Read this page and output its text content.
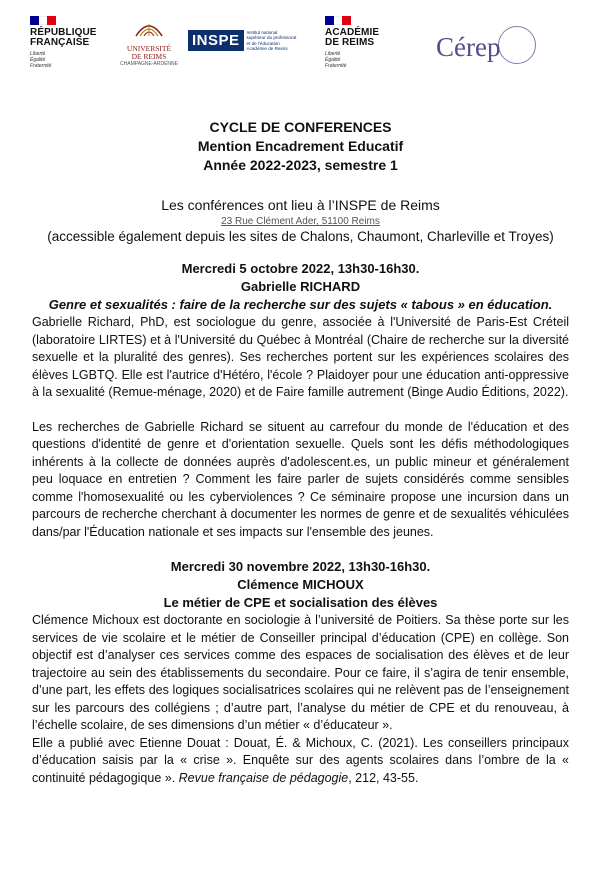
RÉPUBLIQUE
FRANÇAISE
Liberté
Égalité
Fraternité
UNIVERSITÉ
DE REIMS
CHAMPAGNE-ARDENNE
INSPE	Institut national
supérieur du professorat
et de l'éducation
Académie de Reims
ACADÉMIE
DE REIMS
Liberté
Égalité
Fraternité
Cérep
CYCLE DE CONFERENCES
Mention Encadrement Educatif
Année 2022-2023, semestre 1
Les conférences ont lieu à l’INSPE de Reims
23 Rue Clément Ader, 51100 Reims
(accessible également depuis les sites de Chalons, Chaumont, Charleville et Troyes)
Mercredi 5 octobre 2022, 13h30-16h30.
Gabrielle RICHARD
Genre et sexualités : faire de la recherche sur des sujets « tabous » en éducation.

Gabrielle Richard, PhD, est sociologue du genre, associée à l'Université de Paris-Est Créteil (laboratoire LIRTES) et à l'Université du Québec à Montréal (Chaire de recherche sur la diversité sexuelle et la pluralité des genres). Ses recherches portent sur les expériences scolaires des élèves LGBTQ. Elle est l'autrice d'Hétéro, l'école ? Plaidoyer pour une éducation anti-oppressive à la sexualité (Remue-ménage, 2020) et de Faire famille autrement (Binge Audio Éditions, 2022).

Les recherches de Gabrielle Richard se situent au carrefour du monde de l'éducation et des questions d'identité de genre et d'orientation sexuelle. Quels sont les défis méthodologiques inhérents à la collecte de données auprès d'adolescent.es, un public mineur et généralement peu loquace en entretien ? Comment les faire parler de sujets considérés comme sensibles comme l'homosexualité ou les cyberviolences ? Ce séminaire propose une incursion dans un parcours de recherche cherchant à documenter les normes de genre et de sexualités véhiculées dans/par l'Éducation nationale et ses impacts sur l'ensemble des jeunes.

Mercredi 30 novembre 2022, 13h30-16h30.
Clémence MICHOUX
Le métier de CPE et socialisation des élèves

Clémence Michoux est doctorante en sociologie à l’université de Poitiers. Sa thèse porte sur les services de vie scolaire et le métier de Conseiller principal d’éducation (CPE) en collège. Son objectif est d’analyser ces services comme des espaces de socialisation des élèves et de leur trajectoire au sein des établissements du secondaire. Pour ce faire, il s’agira de tenir ensemble, d’une part, les effets des logiques socialisatrices scolaires qui ne relèvent pas de l’enseignement sur les parcours des collégiens ; d’autre part, l’analyse du métier de CPE et du renouveau, à l’échelle scolaire, de ses dimensions d’un métier « d’éducateur ».

Elle a publié avec Etienne Douat : Douat, É. & Michoux, C. (2021). Les conseillers principaux d’éducation saisis par la « crise ». Enquête sur des agents scolaires dans l’ombre de la « continuité pédagogique ». Revue française de pédagogie, 212, 43-55.
